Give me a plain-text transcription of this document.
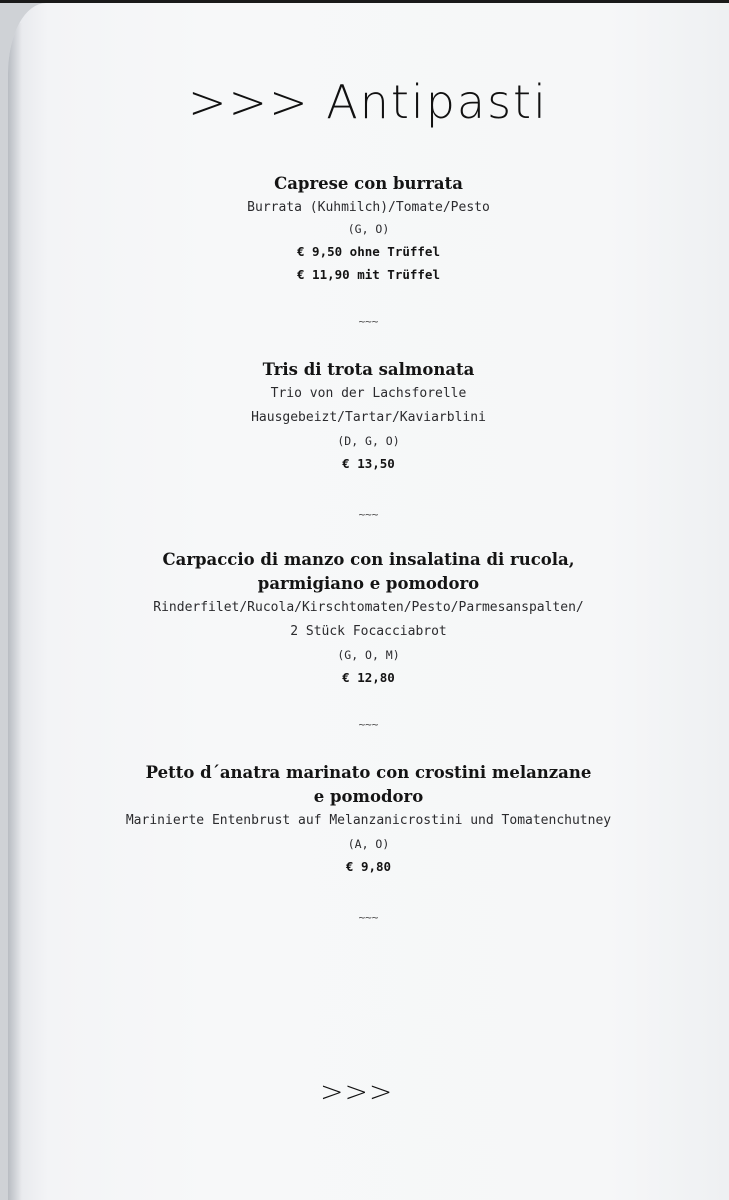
>>> Antipasti

Caprese con burrata

Burrata (Kuhmilch)/Tomate/Pesto

(G, O)

€ 9,50 ohne Trüffel

€ 11,90 mit Trüffel

~~~

Tris di trota salmonata

Trio von der Lachsforelle

Hausgebeizt/Tartar/Kaviarblini

(D, G, O)

€ 13,50

~~~

Carpaccio di manzo con insalatina di rucola,

parmigiano e pomodoro

Rinderfilet/Rucola/Kirschtomaten/Pesto/Parmesanspalten/

2 Stück Focacciabrot

(G, O, M)

€ 12,80

~~~

Petto d´anatra marinato con crostini melanzane

e pomodoro

Marinierte Entenbrust auf Melanzanicrostini und Tomatenchutney

(A, O)

€ 9,80

~~~
>>>
